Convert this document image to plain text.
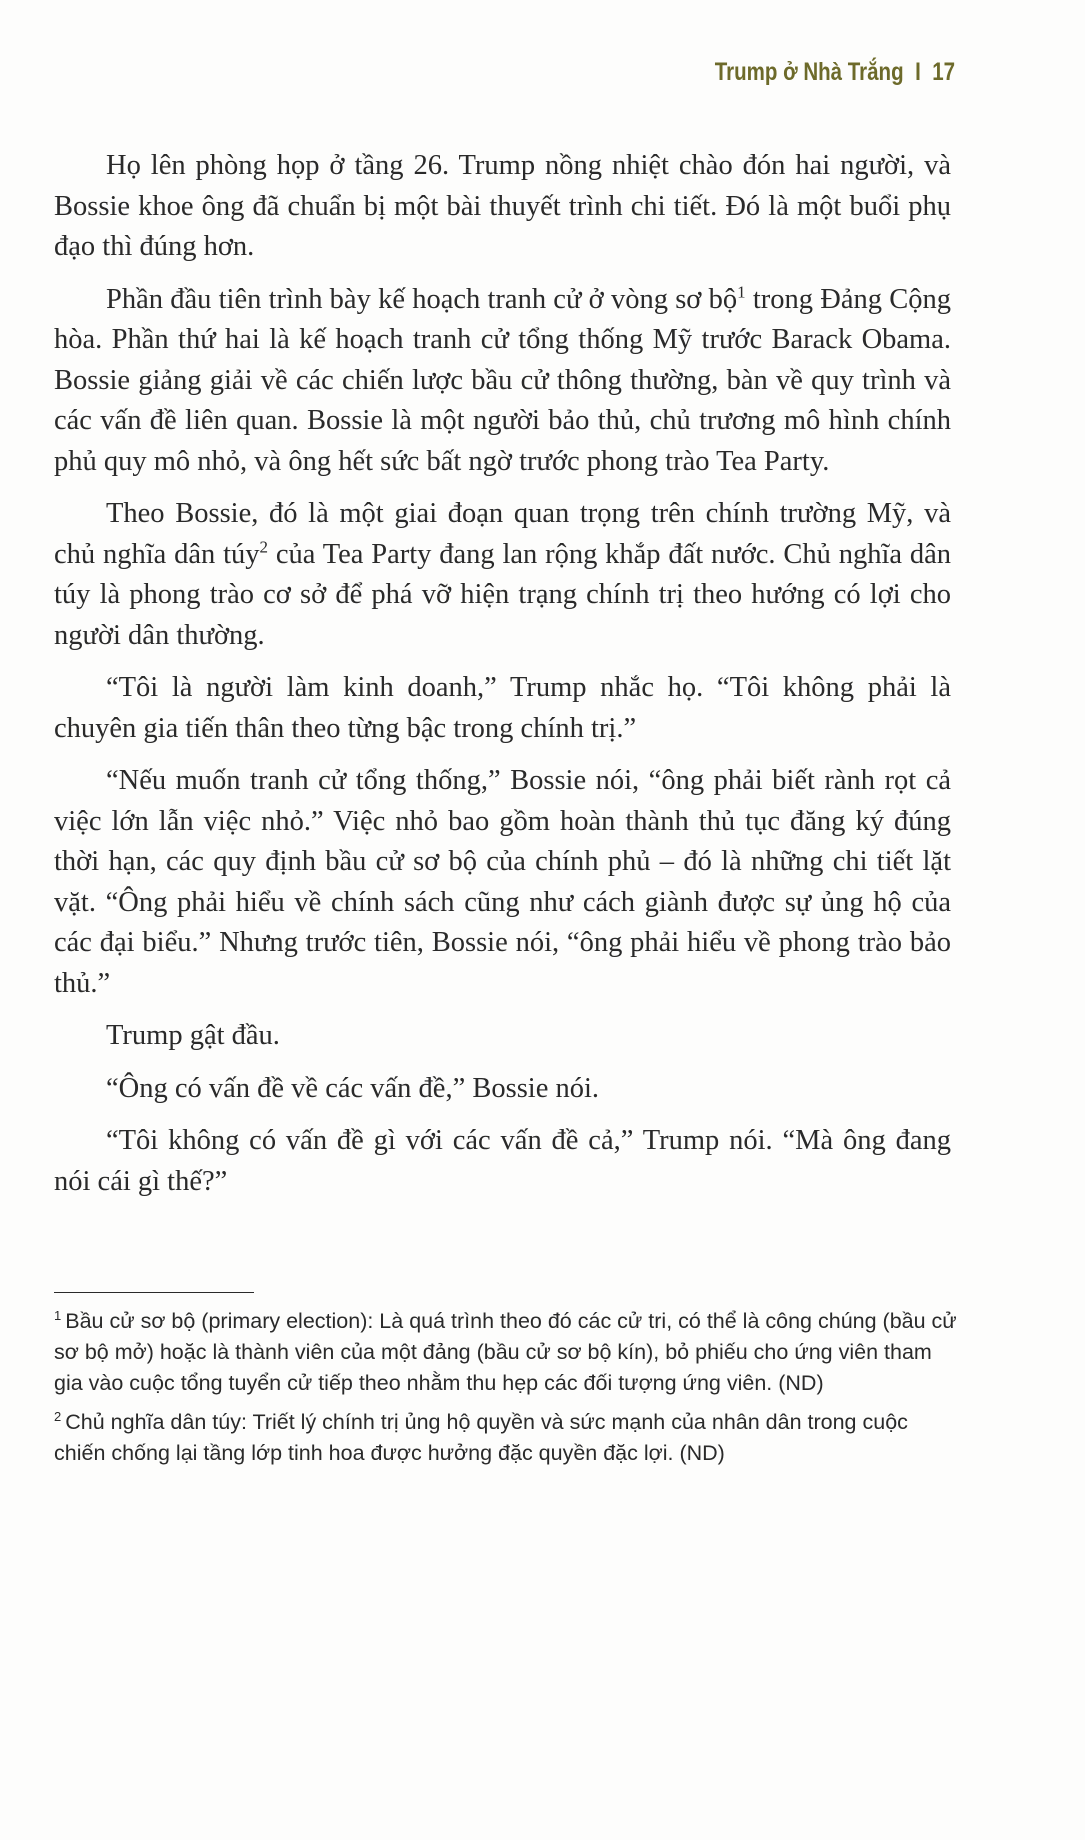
Trump ở Nhà Trắng I 17

Họ lên phòng họp ở tầng 26. Trump nồng nhiệt chào đón hai người, và Bossie khoe ông đã chuẩn bị một bài thuyết trình chi tiết. Đó là một buổi phụ đạo thì đúng hơn.

Phần đầu tiên trình bày kế hoạch tranh cử ở vòng sơ bộ$^1$ trong Đảng Cộng hòa. Phần thứ hai là kế hoạch tranh cử tổng thống Mỹ trước Barack Obama. Bossie giảng giải về các chiến lược bầu cử thông thường, bàn về quy trình và các vấn đề liên quan. Bossie là một người bảo thủ, chủ trương mô hình chính phủ quy mô nhỏ, và ông hết sức bất ngờ trước phong trào Tea Party.

Theo Bossie, đó là một giai đoạn quan trọng trên chính trường Mỹ, và chủ nghĩa dân túy$^2$ của Tea Party đang lan rộng khắp đất nước. Chủ nghĩa dân túy là phong trào cơ sở để phá vỡ hiện trạng chính trị theo hướng có lợi cho người dân thường.

“Tôi là người làm kinh doanh,” Trump nhắc họ. “Tôi không phải là chuyên gia tiến thân theo từng bậc trong chính trị.”

“Nếu muốn tranh cử tổng thống,” Bossie nói, “ông phải biết rành rọt cả việc lớn lẫn việc nhỏ.” Việc nhỏ bao gồm hoàn thành thủ tục đăng ký đúng thời hạn, các quy định bầu cử sơ bộ của chính phủ – đó là những chi tiết lặt vặt. “Ông phải hiểu về chính sách cũng như cách giành được sự ủng hộ của các đại biểu.” Nhưng trước tiên, Bossie nói, “ông phải hiểu về phong trào bảo thủ.”

Trump gật đầu.

“Ông có vấn đề về các vấn đề,” Bossie nói.

“Tôi không có vấn đề gì với các vấn đề cả,” Trump nói. “Mà ông đang nói cái gì thế?”

$^1$ Bầu cử sơ bộ (primary election): Là quá trình theo đó các cử tri, có thể là công chúng (bầu cử sơ bộ mở) hoặc là thành viên của một đảng (bầu cử sơ bộ kín), bỏ phiếu cho ứng viên tham gia vào cuộc tổng tuyển cử tiếp theo nhằm thu hẹp các đối tượng ứng viên. (ND)

$^2$ Chủ nghĩa dân túy: Triết lý chính trị ủng hộ quyền và sức mạnh của nhân dân trong cuộc chiến chống lại tầng lớp tinh hoa được hưởng đặc quyền đặc lợi. (ND)
